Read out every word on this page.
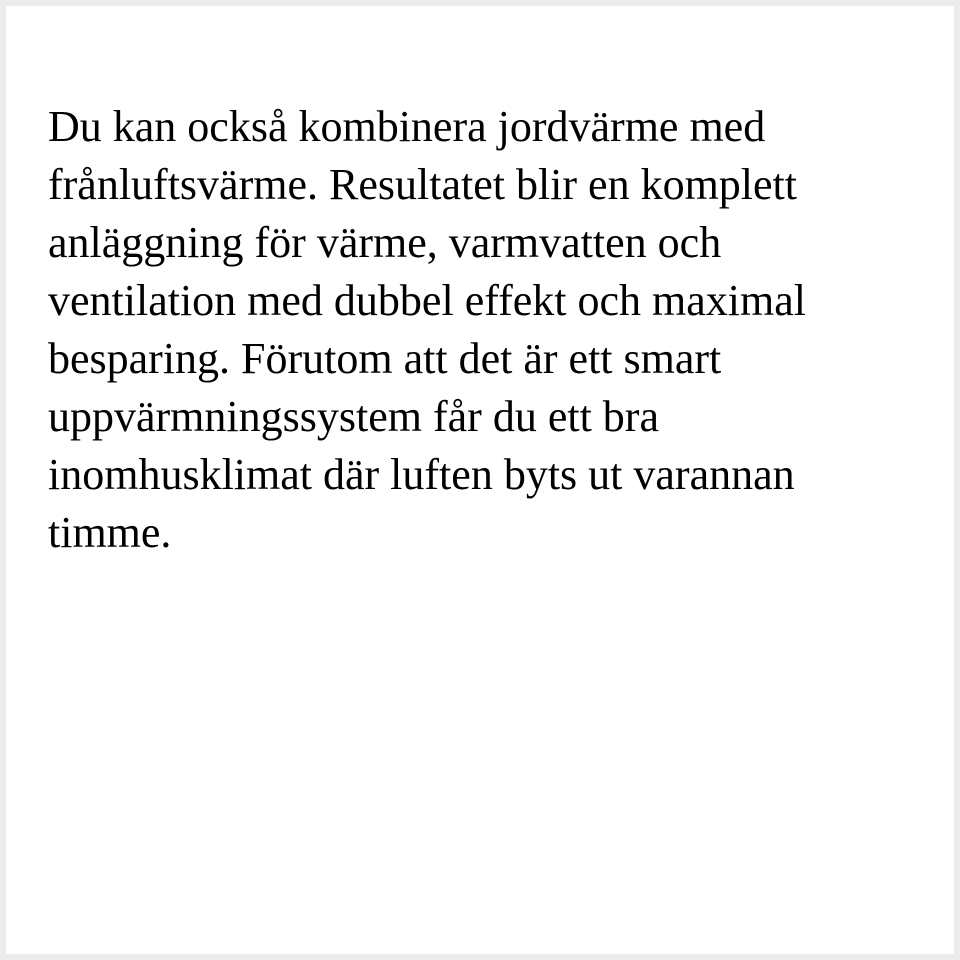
Du kan också kombinera jordvärme med
frånluftsvärme. Resultatet blir en komplett
anläggning för värme, varmvatten och
ventilation med dubbel effekt och maximal
besparing. Förutom att det är ett smart
uppvärmningssystem får du ett bra
inomhusklimat där luften byts ut varannan
timme.
